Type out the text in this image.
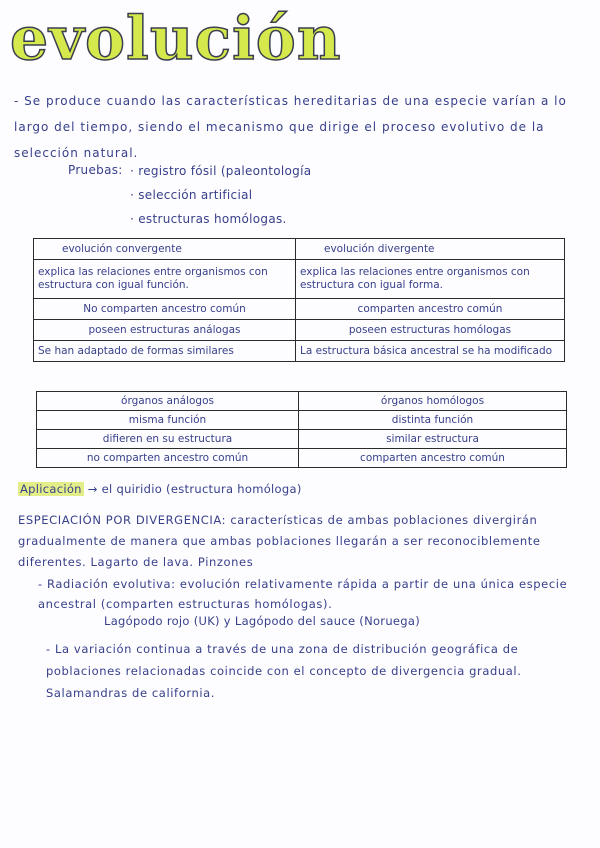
evolución
- Se produce cuando las características hereditarias de una especie varían a lo largo del tiempo, siendo el mecanismo que dirige el proceso evolutivo de la selección natural.
Pruebas: · registro fósil (paleontología
· selección artificial
· estructuras homólogas.
evolución convergente	evolución divergente
explica las relaciones entre organismos con estructura con igual función.	explica las relaciones entre organismos con estructura con igual forma.
No comparten ancestro común	comparten ancestro común
poseen estructuras análogas	poseen estructuras homólogas
Se han adaptado de formas similares	La estructura básica ancestral se ha modificado
órganos análogos	órganos homólogos
misma función	distinta función
difieren en su estructura	similar estructura
no comparten ancestro común	comparten ancestro común
Aplicación → el quiridio (estructura homóloga)
ESPECIACIÓN POR DIVERGENCIA: características de ambas poblaciones divergirán gradualmente de manera que ambas poblaciones llegarán a ser reconociblemente diferentes. Lagarto de lava. Pinzones
- Radiación evolutiva: evolución relativamente rápida a partir de una única especie ancestral (comparten estructuras homólogas).
Lagópodo rojo (UK) y Lagópodo del sauce (Noruega)
- La variación continua a través de una zona de distribución geográfica de poblaciones relacionadas coincide con el concepto de divergencia gradual. Salamandras de california.
